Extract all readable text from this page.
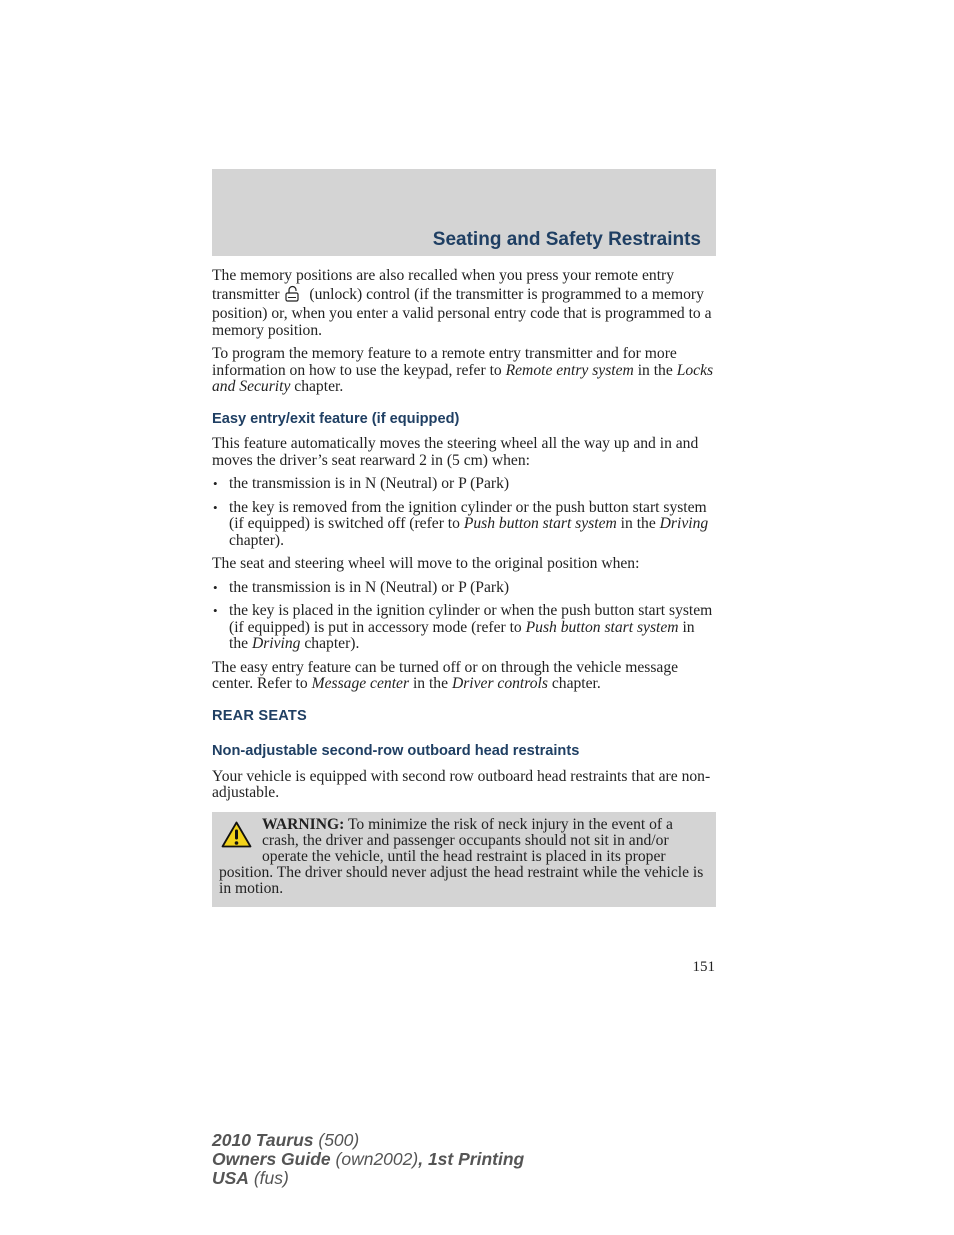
Seating and Safety Restraints

The memory positions are also recalled when you press your remote entry transmitter (unlock) control (if the transmitter is programmed to a memory position) or, when you enter a valid personal entry code that is programmed to a memory position.

To program the memory feature to a remote entry transmitter and for more information on how to use the keypad, refer to Remote entry system in the Locks and Security chapter.

Easy entry/exit feature (if equipped)

This feature automatically moves the steering wheel all the way up and in and moves the driver’s seat rearward 2 in (5 cm) when:

• the transmission is in N (Neutral) or P (Park)
• the key is removed from the ignition cylinder or the push button start system (if equipped) is switched off (refer to Push button start system in the Driving chapter).

The seat and steering wheel will move to the original position when:

• the transmission is in N (Neutral) or P (Park)
• the key is placed in the ignition cylinder or when the push button start system (if equipped) is put in accessory mode (refer to Push button start system in the Driving chapter).

The easy entry feature can be turned off or on through the vehicle message center. Refer to Message center in the Driver controls chapter.

REAR SEATS
Non-adjustable second-row outboard head restraints

Your vehicle is equipped with second row outboard head restraints that are non-adjustable.

WARNING: To minimize the risk of neck injury in the event of a crash, the driver and passenger occupants should not sit in and/or operate the vehicle, until the head restraint is placed in its proper position. The driver should never adjust the head restraint while the vehicle is in motion.
151
2010 Taurus (500)
Owners Guide (own2002), 1st Printing
USA (fus)
